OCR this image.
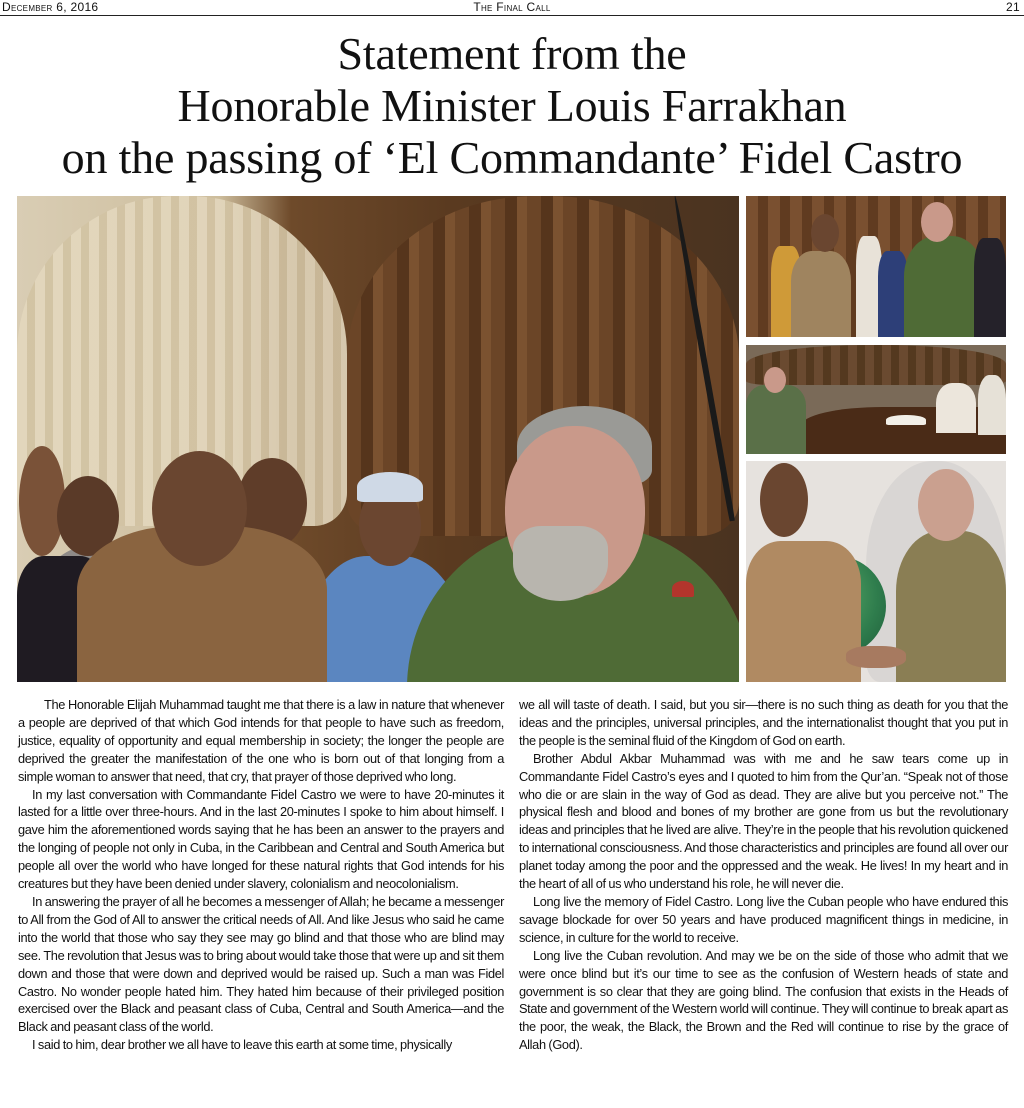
December 6, 2016	The Final Call	21
Statement from the
Honorable Minister Louis Farrakhan
on the passing of ‘El Commandante’ Fidel Castro

The Honorable Elijah Muhammad taught me that there is a law in nature that whenever a people are deprived of that which God intends for that people to have such as freedom, justice, equality of opportunity and equal membership in society; the longer the people are deprived the greater the manifestation of the one who is born out of that longing from a simple woman to answer that need, that cry, that prayer of those deprived who long.

In my last conversation with Commandante Fidel Castro we were to have 20-minutes it lasted for a little over three-hours. And in the last 20-minutes I spoke to him about himself. I gave him the aforementioned words saying that he has been an answer to the prayers and the longing of people not only in Cuba, in the Caribbean and Central and South America but people all over the world who have longed for these natural rights that God intends for his creatures but they have been denied under slavery, colonialism and neocolonialism.

In answering the prayer of all he becomes a messenger of Allah; he became a messenger to All from the God of All to answer the critical needs of All. And like Jesus who said he came into the world that those who say they see may go blind and that those who are blind may see. The revolution that Jesus was to bring about would take those that were up and sit them down and those that were down and deprived would be raised up. Such a man was Fidel Castro. No wonder people hated him. They hated him because of their privileged position exercised over the Black and peasant class of Cuba, Central and South America—and the Black and peasant class of the world.

I said to him, dear brother we all have to leave this earth at some time, physically

we all will taste of death. I said, but you sir—there is no such thing as death for you that the ideas and the principles, universal principles, and the internationalist thought that you put in the people is the seminal fluid of the Kingdom of God on earth.

Brother Abdul Akbar Muhammad was with me and he saw tears come up in Commandante Fidel Castro’s eyes and I quoted to him from the Qur’an. “Speak not of those who die or are slain in the way of God as dead. They are alive but you perceive not.” The physical flesh and blood and bones of my brother are gone from us but the revolutionary ideas and principles that he lived are alive. They’re in the people that his revolution quickened to international consciousness. And those characteristics and principles are found all over our planet today among the poor and the oppressed and the weak. He lives! In my heart and in the heart of all of us who understand his role, he will never die.

Long live the memory of Fidel Castro. Long live the Cuban people who have endured this savage blockade for over 50 years and have produced magnificent things in medicine, in science, in culture for the world to receive.

Long live the Cuban revolution. And may we be on the side of those who admit that we were once blind but it’s our time to see as the confusion of Western heads of state and government is so clear that they are going blind. The confusion that exists in the Heads of State and government of the Western world will continue. They will continue to break apart as the poor, the weak, the Black, the Brown and the Red will continue to rise by the grace of Allah (God).
